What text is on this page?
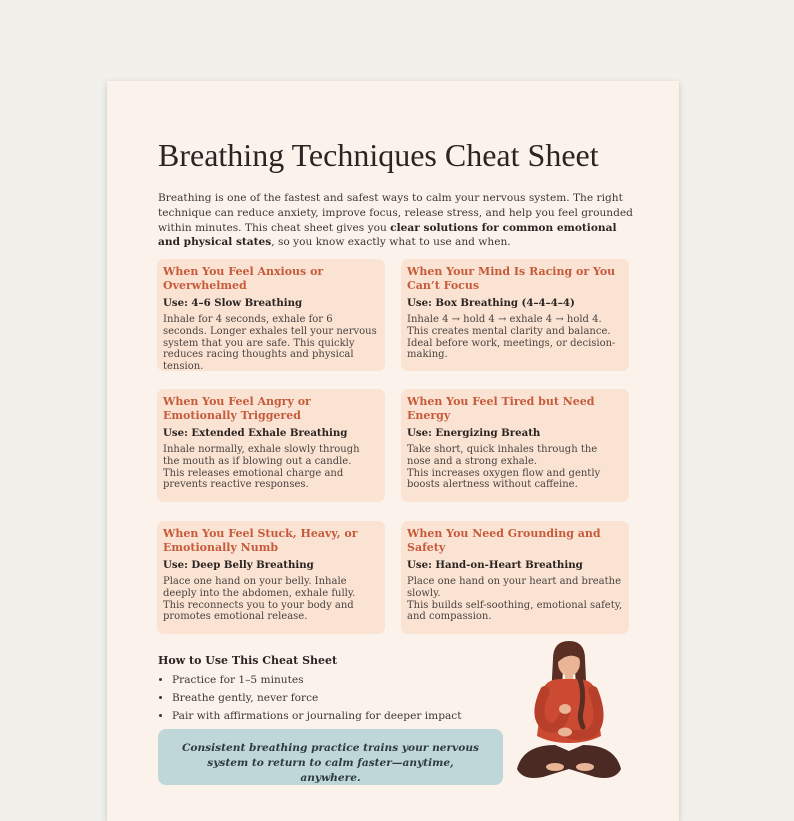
Breathing Techniques Cheat Sheet
Breathing is one of the fastest and safest ways to calm your nervous system. The right technique can reduce anxiety, improve focus, release stress, and help you feel grounded within minutes. This cheat sheet gives you clear solutions for common emotional and physical states, so you know exactly what to use and when.
When You Feel Anxious or Overwhelmed
Use: 4–6 Slow Breathing
Inhale for 4 seconds, exhale for 6 seconds. Longer exhales tell your nervous system that you are safe. This quickly reduces racing thoughts and physical tension.
When Your Mind Is Racing or You Can’t Focus
Use: Box Breathing (4–4–4–4)
Inhale 4 → hold 4 → exhale 4 → hold 4. This creates mental clarity and balance. Ideal before work, meetings, or decision-making.
When You Feel Angry or Emotionally Triggered
Use: Extended Exhale Breathing
Inhale normally, exhale slowly through the mouth as if blowing out a candle.
This releases emotional charge and prevents reactive responses.
When You Feel Tired but Need Energy
Use: Energizing Breath
Take short, quick inhales through the nose and a strong exhale.
This increases oxygen flow and gently boosts alertness without caffeine.
When You Feel Stuck, Heavy, or Emotionally Numb
Use: Deep Belly Breathing
Place one hand on your belly. Inhale deeply into the abdomen, exhale fully.
This reconnects you to your body and promotes emotional release.
When You Need Grounding and Safety
Use: Hand-on-Heart Breathing
Place one hand on your heart and breathe slowly.
This builds self-soothing, emotional safety, and compassion.
How to Use This Cheat Sheet
• Practice for 1–5 minutes
• Breathe gently, never force
• Pair with affirmations or journaling for deeper impact
Consistent breathing practice trains your nervous system to return to calm faster—anytime, anywhere.
